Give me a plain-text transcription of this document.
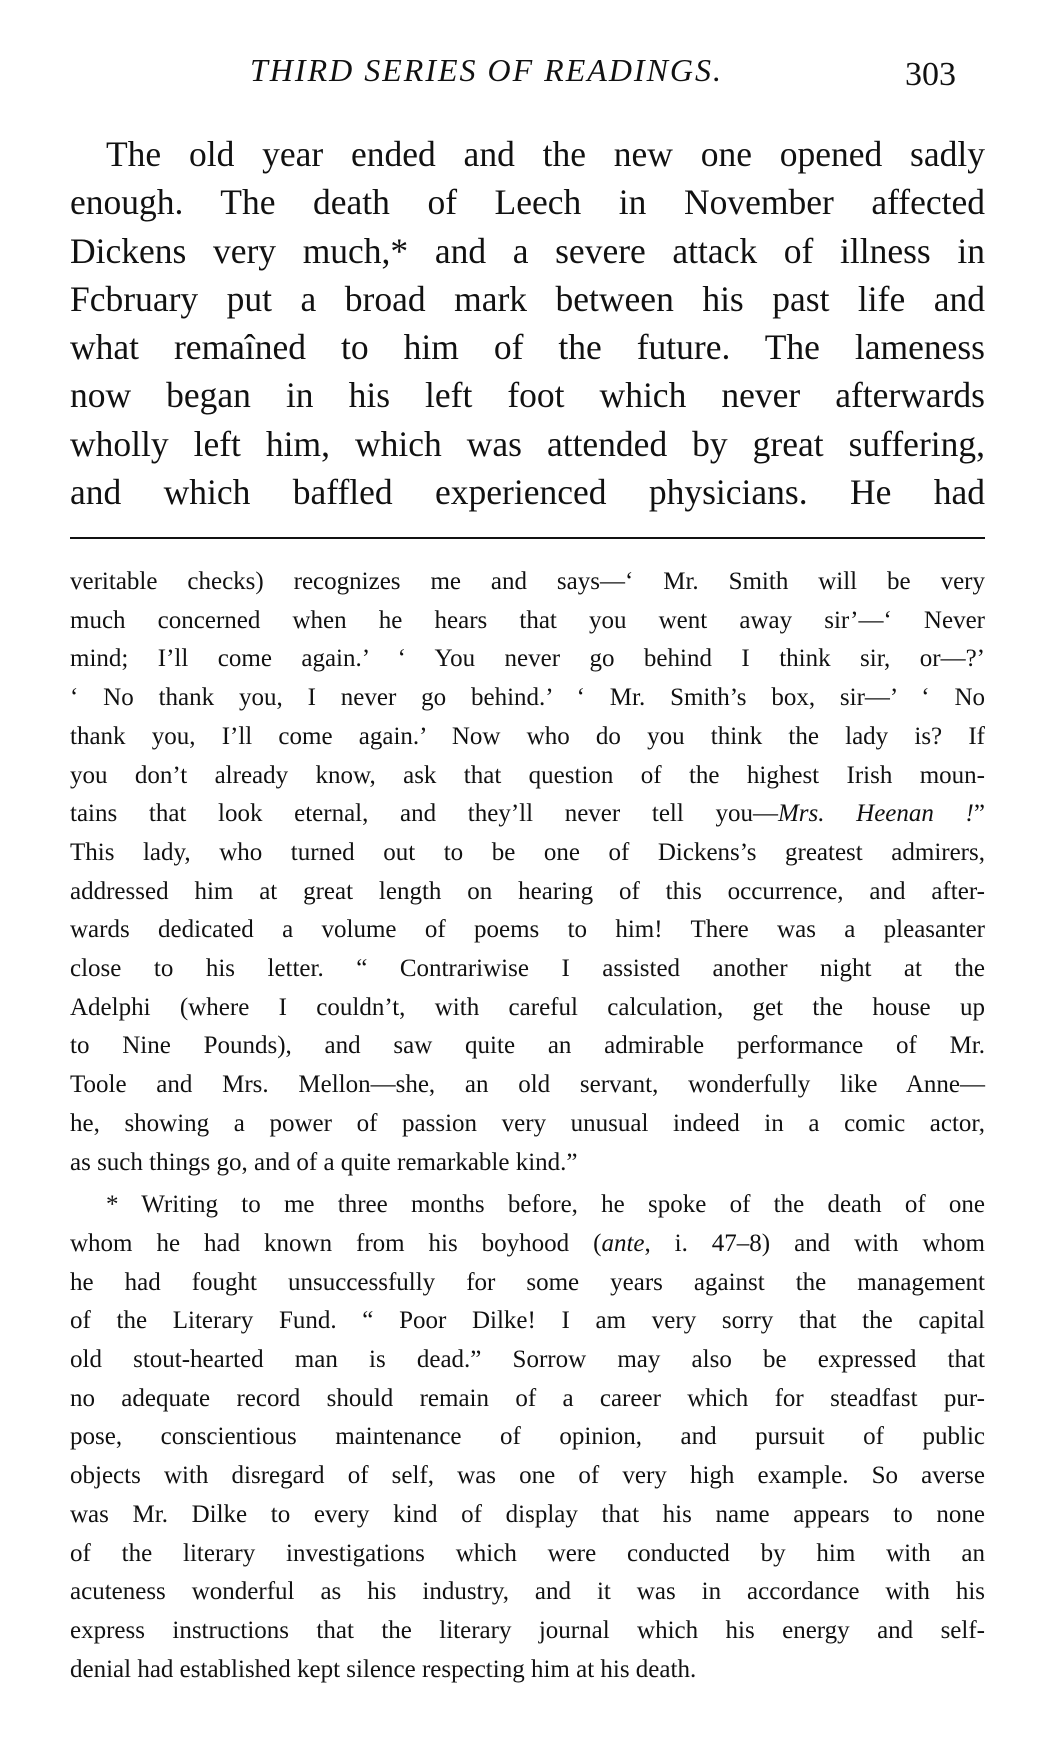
THIRD SERIES OF READINGS.	303
The old year ended and the new one opened sadly
enough. The death of Leech in November affected
Dickens very much,* and a severe attack of illness in
Fcbruary put a broad mark between his past life and
what remaîned to him of the future. The lameness
now began in his left foot which never afterwards
wholly left him, which was attended by great suffering,
and which baffled experienced physicians. He had
veritable checks) recognizes me and says—‘ Mr. Smith will be very
much concerned when he hears that you went away sir’—‘ Never
mind; I’ll come again.’ ‘ You never go behind I think sir, or—?’
‘ No thank you, I never go behind.’ ‘ Mr. Smith’s box, sir—’ ‘ No
thank you, I’ll come again.’ Now who do you think the lady is? If
you don’t already know, ask that question of the highest Irish moun-
tains that look eternal, and they’ll never tell you—Mrs. Heenan !”
This lady, who turned out to be one of Dickens’s greatest admirers,
addressed him at great length on hearing of this occurrence, and after-
wards dedicated a volume of poems to him! There was a pleasanter
close to his letter. “ Contrariwise I assisted another night at the
Adelphi (where I couldn’t, with careful calculation, get the house up
to Nine Pounds), and saw quite an admirable performance of Mr.
Toole and Mrs. Mellon—she, an old servant, wonderfully like Anne—
he, showing a power of passion very unusual indeed in a comic actor,
as such things go, and of a quite remarkable kind.”
* Writing to me three months before, he spoke of the death of one
whom he had known from his boyhood (ante, i. 47–8) and with whom
he had fought unsuccessfully for some years against the management
of the Literary Fund. “ Poor Dilke! I am very sorry that the capital
old stout-hearted man is dead.” Sorrow may also be expressed that
no adequate record should remain of a career which for steadfast pur-
pose, conscientious maintenance of opinion, and pursuit of public
objects with disregard of self, was one of very high example. So averse
was Mr. Dilke to every kind of display that his name appears to none
of the literary investigations which were conducted by him with an
acuteness wonderful as his industry, and it was in accordance with his
express instructions that the literary journal which his energy and self-
denial had established kept silence respecting him at his death.
